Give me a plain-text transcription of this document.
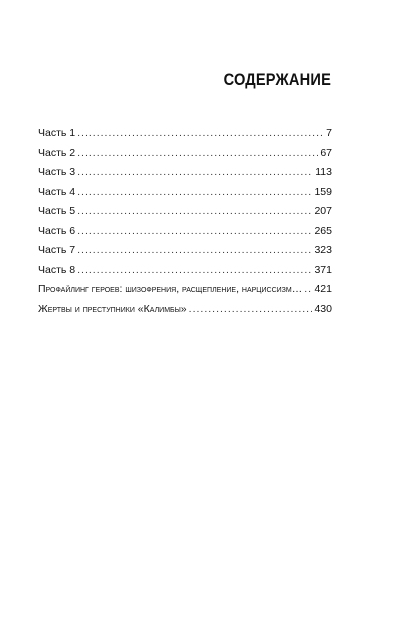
СОДЕРЖАНИЕ
Часть 1 .....	7
Часть 2 .....	67
Часть 3 .....	113
Часть 4 .....	159
Часть 5 .....	207
Часть 6 .....	265
Часть 7 .....	323
Часть 8 .....	371
Профайлинг героев: шизофрения, расщепление, нарциссизм… ..... 421
Жертвы и преступники «Калимбы» .....	430
